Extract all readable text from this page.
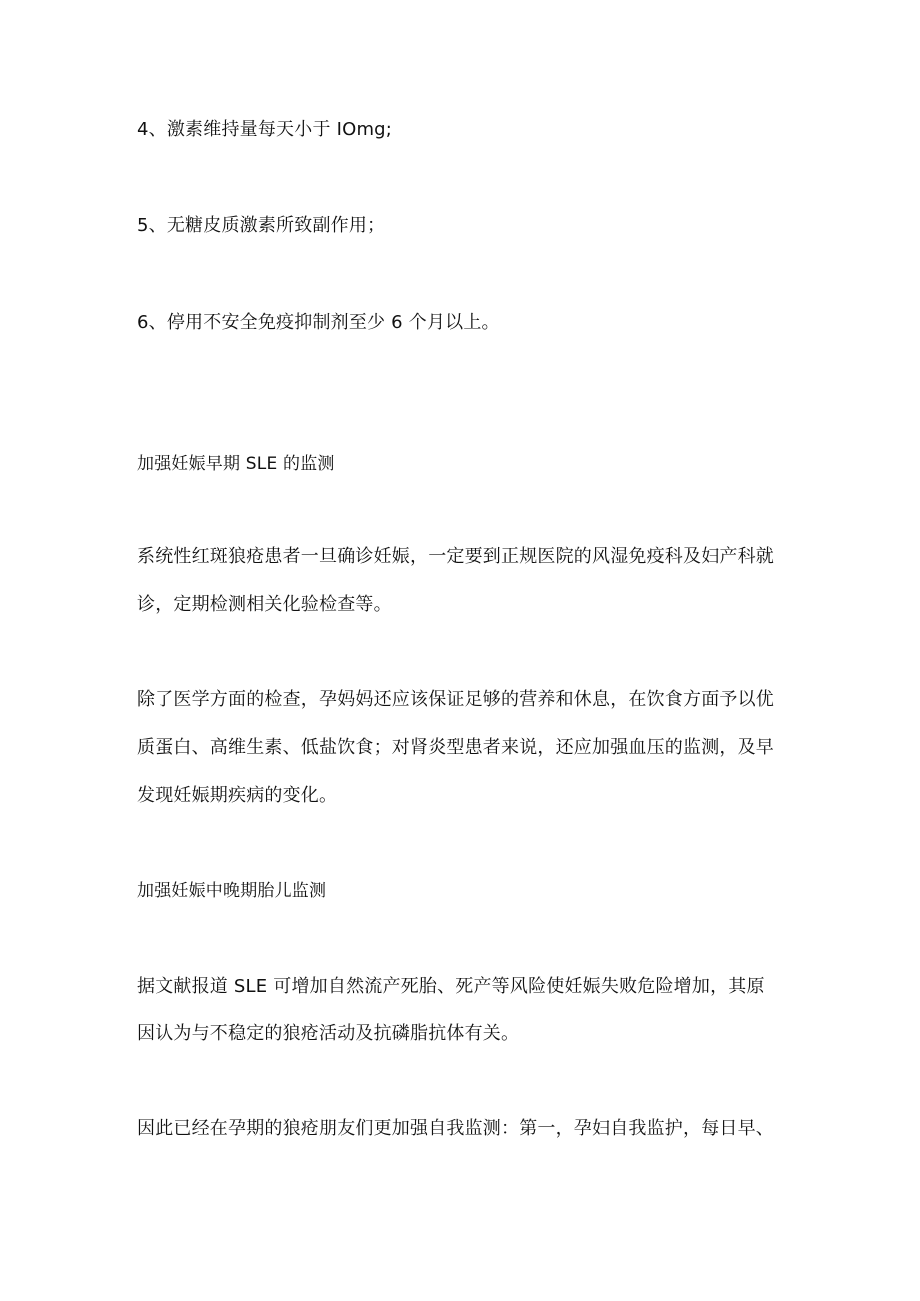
4、激素维持量每天小于 IOmg;
5、无糖皮质激素所致副作用；
6、停用不安全免疫抑制剂至少 6 个月以上。
加强妊娠早期 SLE 的监测
系统性红斑狼疮患者一旦确诊妊娠，一定要到正规医院的风湿免疫科及妇产科就
诊，定期检测相关化验检查等。
除了医学方面的检查，孕妈妈还应该保证足够的营养和休息，在饮食方面予以优
质蛋白、高维生素、低盐饮食；对肾炎型患者来说，还应加强血压的监测，及早
发现妊娠期疾病的变化。
加强妊娠中晚期胎儿监测
据文献报道 SLE 可增加自然流产死胎、死产等风险使妊娠失败危险增加，其原
因认为与不稳定的狼疮活动及抗磷脂抗体有关。
因此已经在孕期的狼疮朋友们更加强自我监测：第一，孕妇自我监护，每日早、
